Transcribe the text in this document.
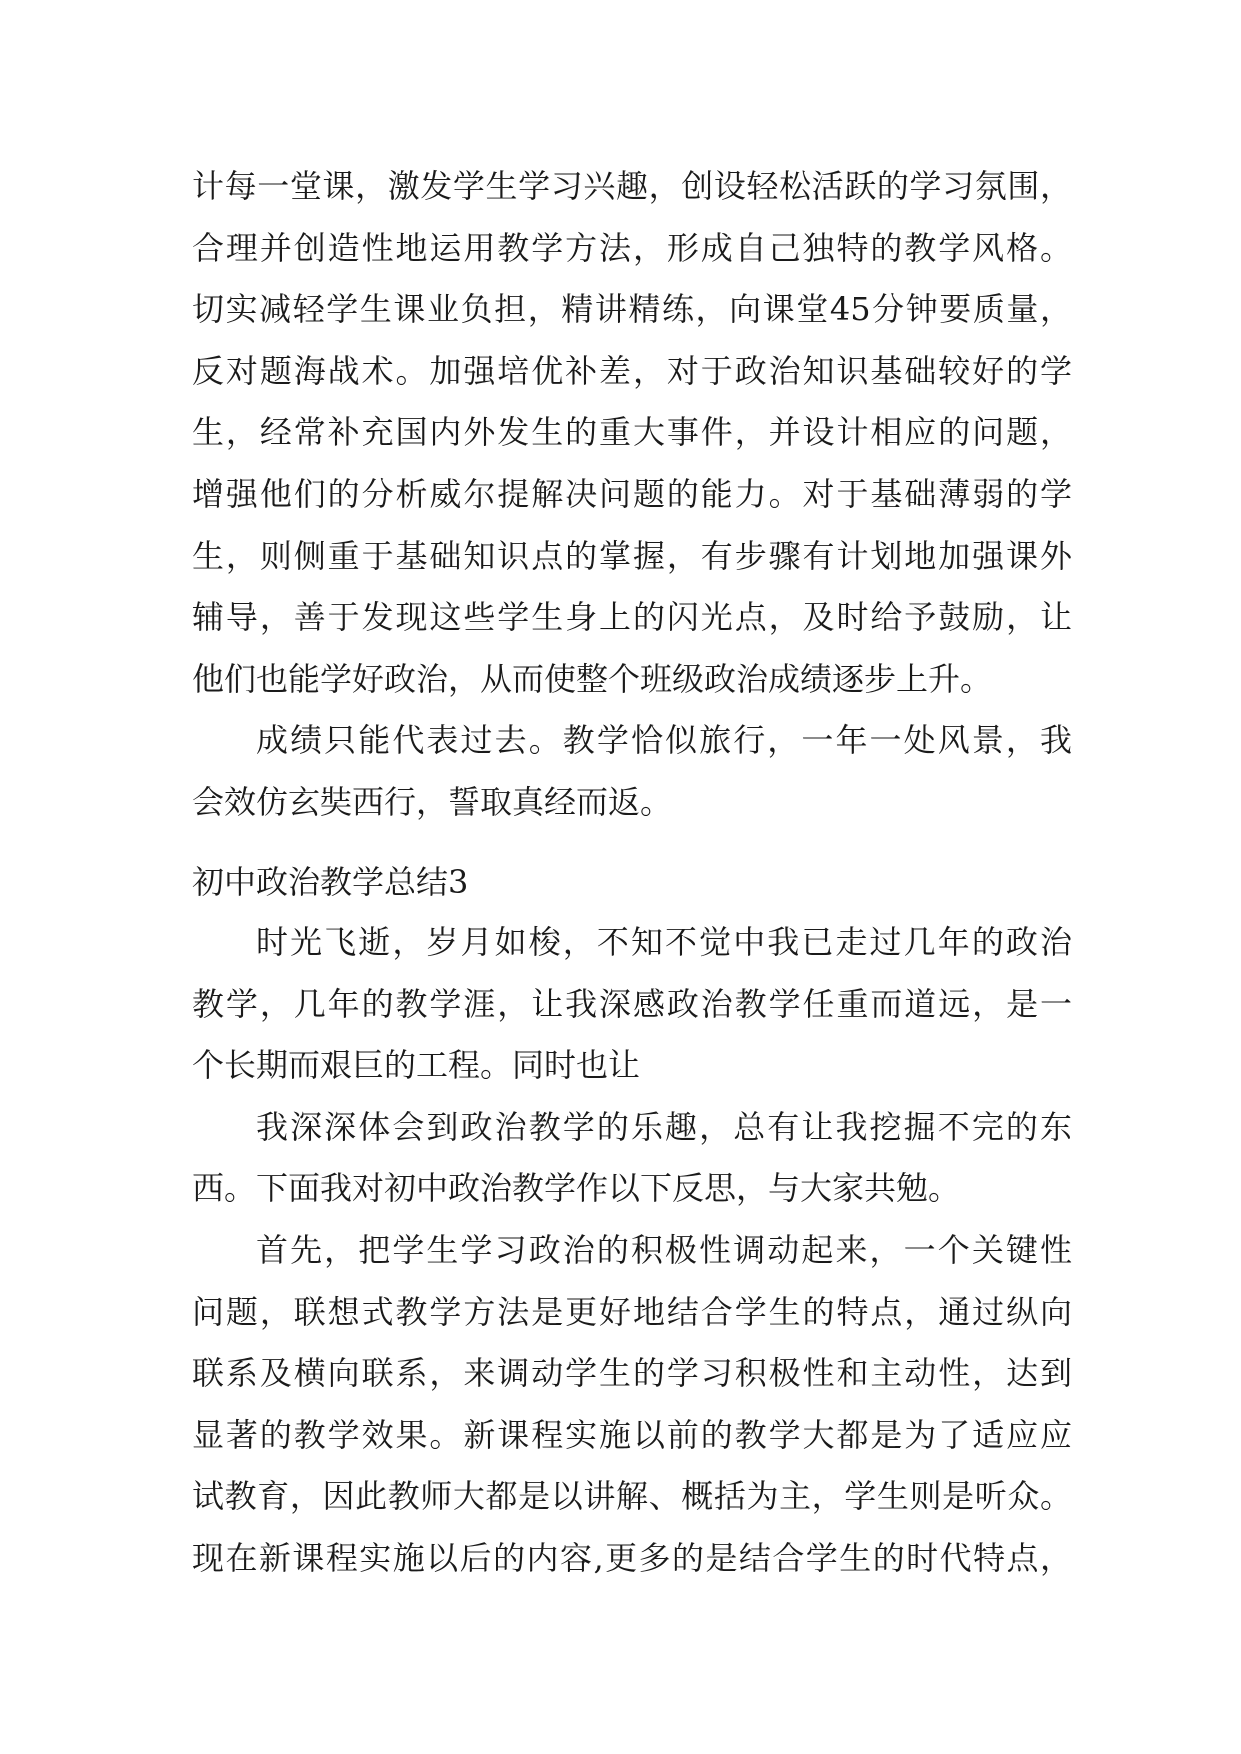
计每一堂课，激发学生学习兴趣，创设轻松活跃的学习氛围，
合理并创造性地运用教学方法，形成自己独特的教学风格。
切实减轻学生课业负担，精讲精练，向课堂45分钟要质量，
反对题海战术。加强培优补差，对于政治知识基础较好的学
生，经常补充国内外发生的重大事件，并设计相应的问题，
增强他们的分析威尔提解决问题的能力。对于基础薄弱的学
生，则侧重于基础知识点的掌握，有步骤有计划地加强课外
辅导，善于发现这些学生身上的闪光点，及时给予鼓励，让
他们也能学好政治，从而使整个班级政治成绩逐步上升。
成绩只能代表过去。教学恰似旅行，一年一处风景，我
会效仿玄奘西行，誓取真经而返。
初中政治教学总结3
时光飞逝，岁月如梭，不知不觉中我已走过几年的政治
教学，几年的教学涯，让我深感政治教学任重而道远，是一
个长期而艰巨的工程。同时也让
我深深体会到政治教学的乐趣，总有让我挖掘不完的东
西。下面我对初中政治教学作以下反思，与大家共勉。
首先，把学生学习政治的积极性调动起来，一个关键性
问题，联想式教学方法是更好地结合学生的特点，通过纵向
联系及横向联系，来调动学生的学习积极性和主动性，达到
显著的教学效果。新课程实施以前的教学大都是为了适应应
试教育，因此教师大都是以讲解、概括为主，学生则是听众。
现在新课程实施以后的内容,更多的是结合学生的时代特点，
